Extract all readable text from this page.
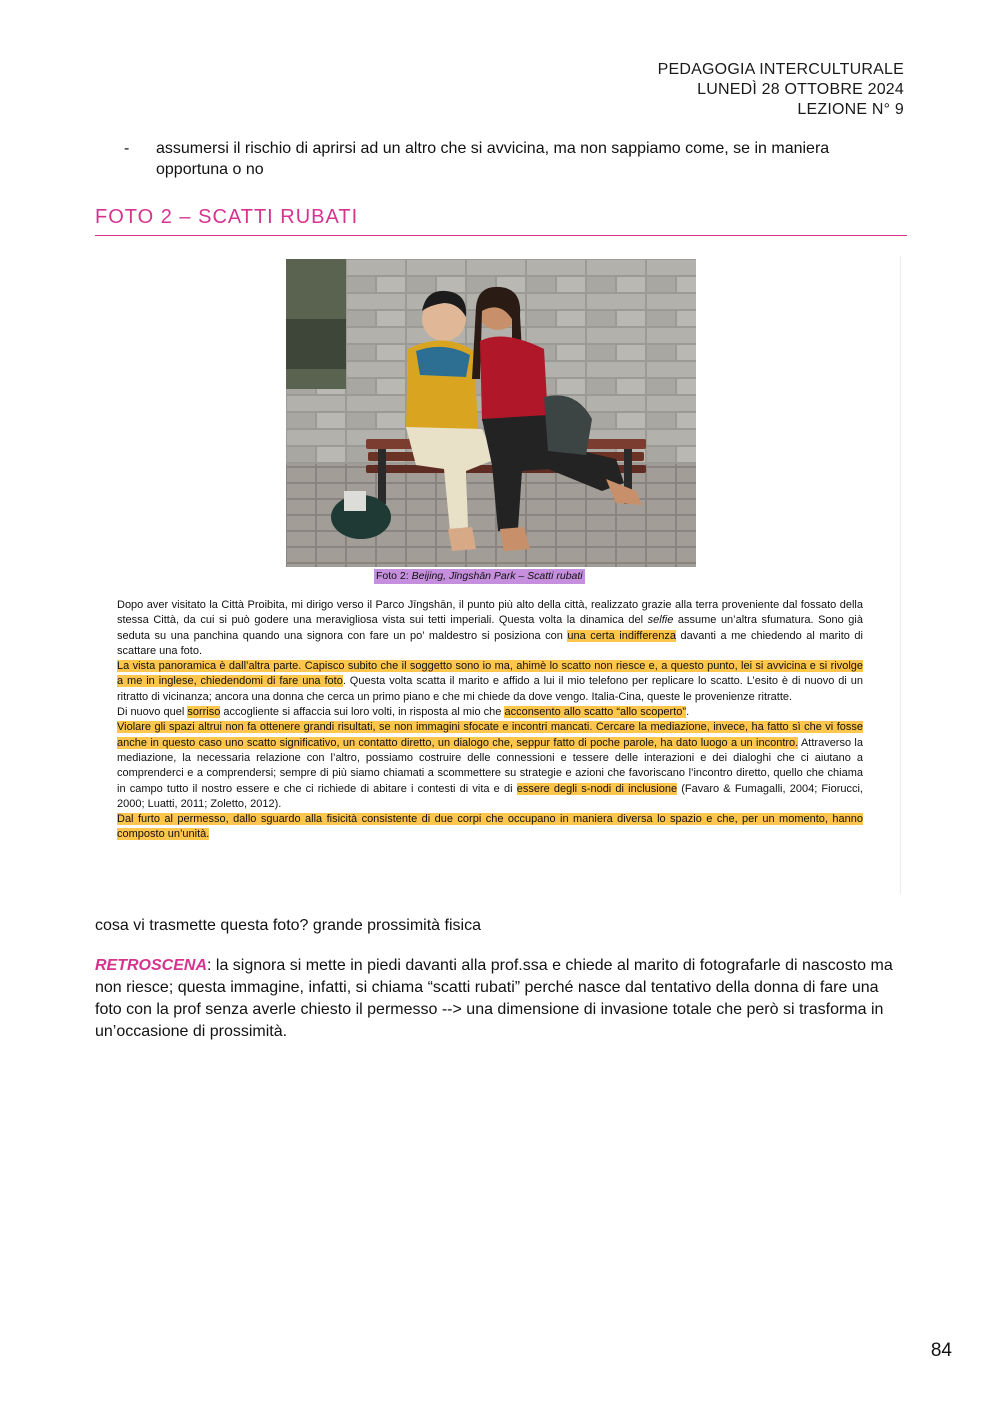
PEDAGOGIA INTERCULTURALE
LUNEDÌ 28 OTTOBRE 2024
LEZIONE N° 9
- assumersi il rischio di aprirsi ad un altro che si avvicina, ma non sappiamo come, se in maniera opportuna o no
FOTO 2 – SCATTI RUBATI
Foto 2: Beijing, Jīngshān Park – Scatti rubati

Dopo aver visitato la Città Proibita, mi dirigo verso il Parco Jīngshān, il punto più alto della città, realizzato grazie alla terra proveniente dal fossato della stessa Città, da cui si può godere una meravigliosa vista sui tetti imperiali. Questa volta la dinamica del selfie assume un’altra sfumatura. Sono già seduta su una panchina quando una signora con fare un po’ maldestro si posiziona con una certa indifferenza davanti a me chiedendo al marito di scattare una foto.

La vista panoramica è dall’altra parte. Capisco subito che il soggetto sono io ma, ahimè lo scatto non riesce e, a questo punto, lei si avvicina e si rivolge a me in inglese, chiedendomi di fare una foto. Questa volta scatta il marito e affido a lui il mio telefono per replicare lo scatto. L’esito è di nuovo di un ritratto di vicinanza; ancora una donna che cerca un primo piano e che mi chiede da dove vengo. Italia-Cina, queste le provenienze ritratte.

Di nuovo quel sorriso accogliente si affaccia sui loro volti, in risposta al mio che acconsento allo scatto “allo scoperto”.

Violare gli spazi altrui non fa ottenere grandi risultati, se non immagini sfocate e incontri mancati. Cercare la mediazione, invece, ha fatto sì che vi fosse anche in questo caso uno scatto significativo, un contatto diretto, un dialogo che, seppur fatto di poche parole, ha dato luogo a un incontro. Attraverso la mediazione, la necessaria relazione con l’altro, possiamo costruire delle connessioni e tessere delle interazioni e dei dialoghi che ci aiutano a comprenderci e a comprendersi; sempre di più siamo chiamati a scommettere su strategie e azioni che favoriscano l’incontro diretto, quello che chiama in campo tutto il nostro essere e che ci richiede di abitare i contesti di vita e di essere degli s-nodi di inclusione (Favaro & Fumagalli, 2004; Fiorucci, 2000; Luatti, 2011; Zoletto, 2012).

Dal furto al permesso, dallo sguardo alla fisicità consistente di due corpi che occupano in maniera diversa lo spazio e che, per un momento, hanno composto un’unità.

cosa vi trasmette questa foto? grande prossimità fisica
RETROSCENA: la signora si mette in piedi davanti alla prof.ssa e chiede al marito di fotografarle di nascosto ma non riesce; questa immagine, infatti, si chiama “scatti rubati” perché nasce dal tentativo della donna di fare una foto con la prof senza averle chiesto il permesso --> una dimensione di invasione totale che però si trasforma in un’occasione di prossimità.
84
